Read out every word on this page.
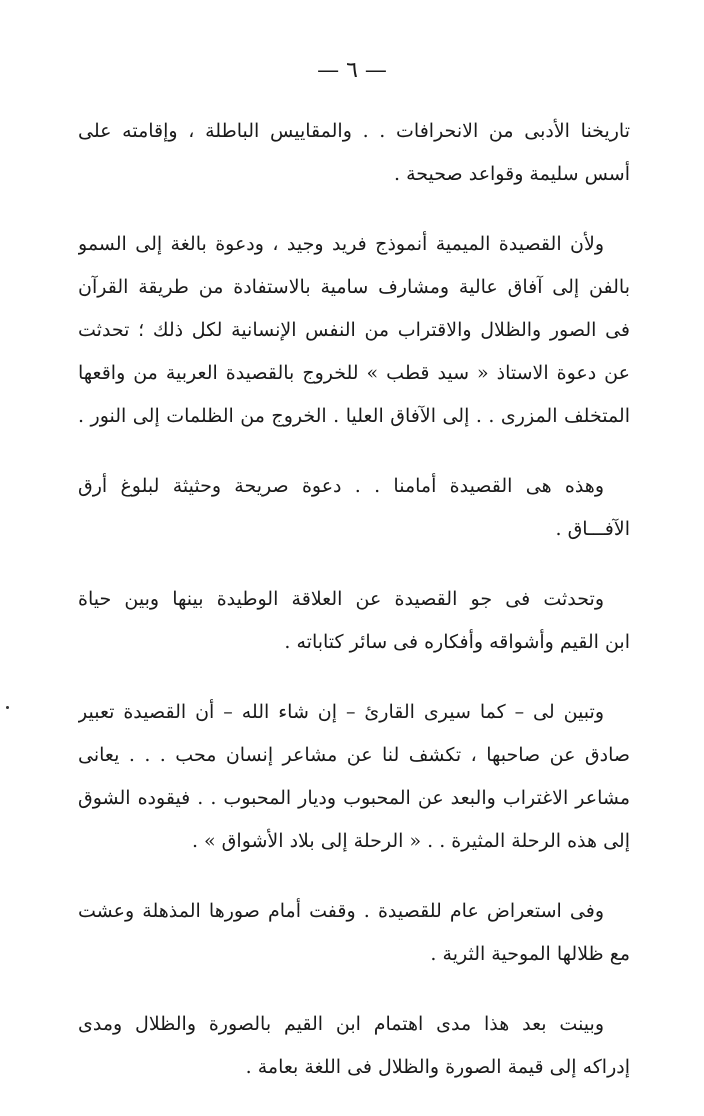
— ٦ —

تاريخنا الأدبى من الانحرافات . . والمقاييس الباطلة ، وإقامته على
أسس سليمة وقواعد صحيحة .

ولأن القصيدة الميمية أنموذج فريد وجيد ، ودعوة بالغة إلى السمو
بالفن إلى آفاق عالية ومشارف سامية بالاستفادة من طريقة القرآن
فى الصور والظلال والاقتراب من النفس الإنسانية لكل ذلك ؛ تحدثت
عن دعوة الاستاذ « سيد قطب » للخروج بالقصيدة العربية من واقعها
المتخلف المزرى . . إلى الآفاق العليا . الخروج من الظلمات إلى النور .

وهذه هى القصيدة أمامنا . . دعوة صريحة وحثيثة لبلوغ أرق
الآفـــاق .

وتحدثت فى جو القصيدة عن العلاقة الوطيدة بينها وبين حياة
ابن القيم وأشواقه وأفكاره فى سائر كتاباته .

وتبين لى – كما سيرى القارئ – إن شاء الله – أن القصيدة تعبير
صادق عن صاحبها ، تكشف لنا عن مشاعر إنسان محب . . . يعانى
مشاعر الاغتراب والبعد عن المحبوب وديار المحبوب . . فيقوده الشوق
إلى هذه الرحلة المثيرة . . « الرحلة إلى بلاد الأشواق » .

وفى استعراض عام للقصيدة . وقفت أمام صورها المذهلة وعشت
مع ظلالها الموحية الثرية .

وبينت بعد هذا مدى اهتمام ابن القيم بالصورة والظلال ومدى
إدراكه إلى قيمة الصورة والظلال فى اللغة بعامة .
